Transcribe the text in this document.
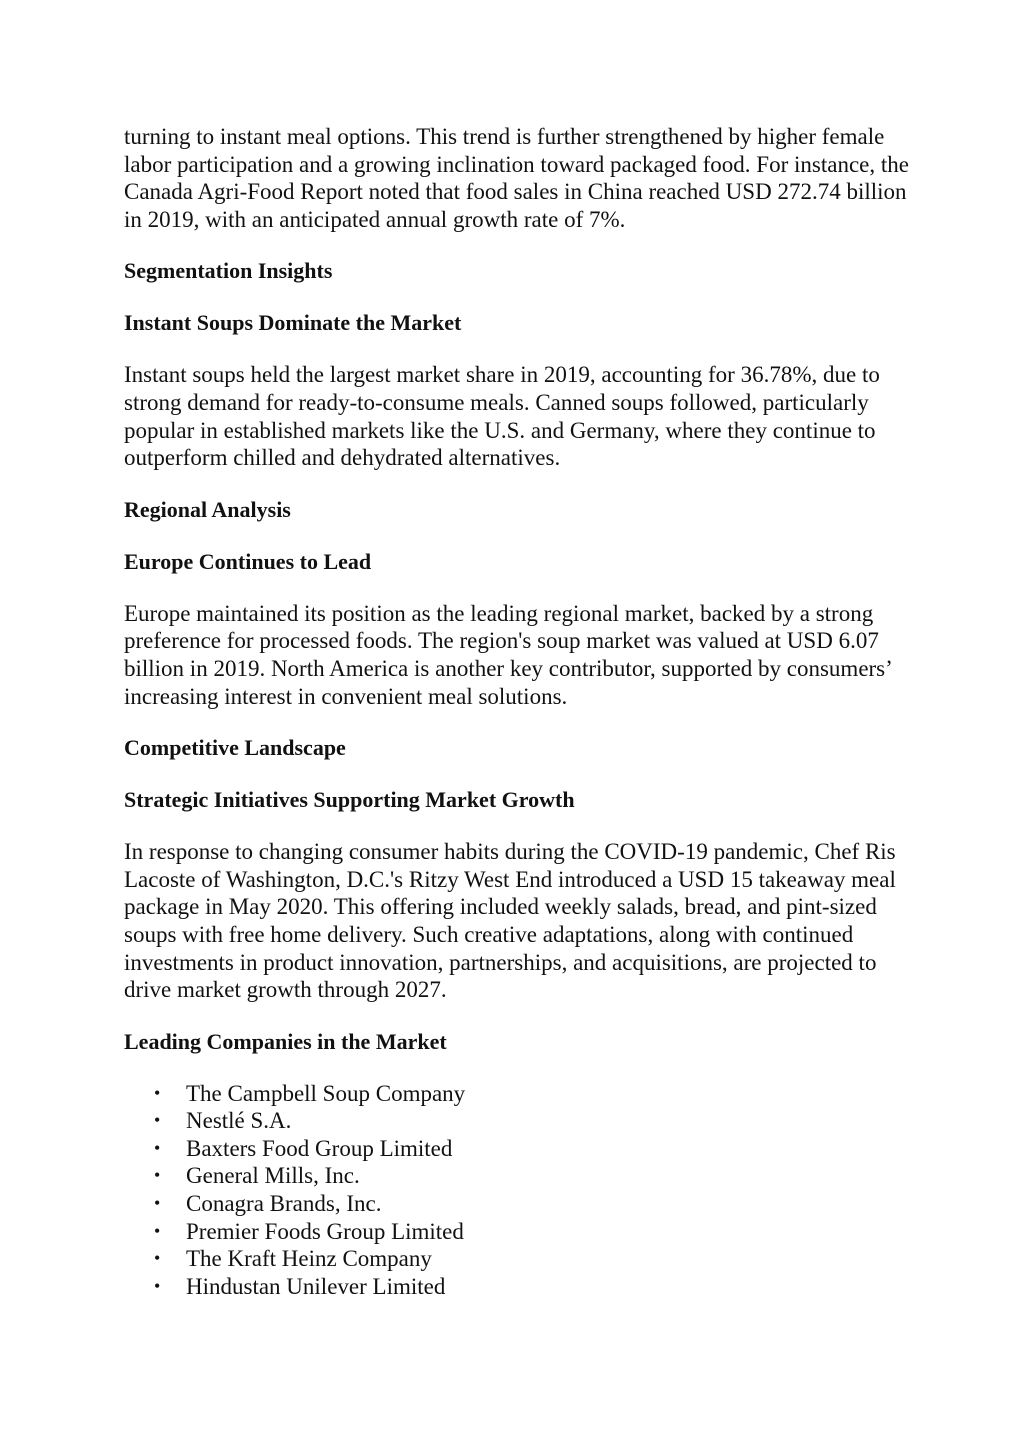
turning to instant meal options. This trend is further strengthened by higher female labor participation and a growing inclination toward packaged food. For instance, the Canada Agri-Food Report noted that food sales in China reached USD 272.74 billion in 2019, with an anticipated annual growth rate of 7%.

Segmentation Insights
Instant Soups Dominate the Market

Instant soups held the largest market share in 2019, accounting for 36.78%, due to strong demand for ready-to-consume meals. Canned soups followed, particularly popular in established markets like the U.S. and Germany, where they continue to outperform chilled and dehydrated alternatives.

Regional Analysis
Europe Continues to Lead

Europe maintained its position as the leading regional market, backed by a strong preference for processed foods. The region's soup market was valued at USD 6.07 billion in 2019. North America is another key contributor, supported by consumers’ increasing interest in convenient meal solutions.

Competitive Landscape
Strategic Initiatives Supporting Market Growth

In response to changing consumer habits during the COVID-19 pandemic, Chef Ris Lacoste of Washington, D.C.'s Ritzy West End introduced a USD 15 takeaway meal package in May 2020. This offering included weekly salads, bread, and pint-sized soups with free home delivery. Such creative adaptations, along with continued investments in product innovation, partnerships, and acquisitions, are projected to drive market growth through 2027.

Leading Companies in the Market
• The Campbell Soup Company
• Nestlé S.A.
• Baxters Food Group Limited
• General Mills, Inc.
• Conagra Brands, Inc.
• Premier Foods Group Limited
• The Kraft Heinz Company
• Hindustan Unilever Limited
